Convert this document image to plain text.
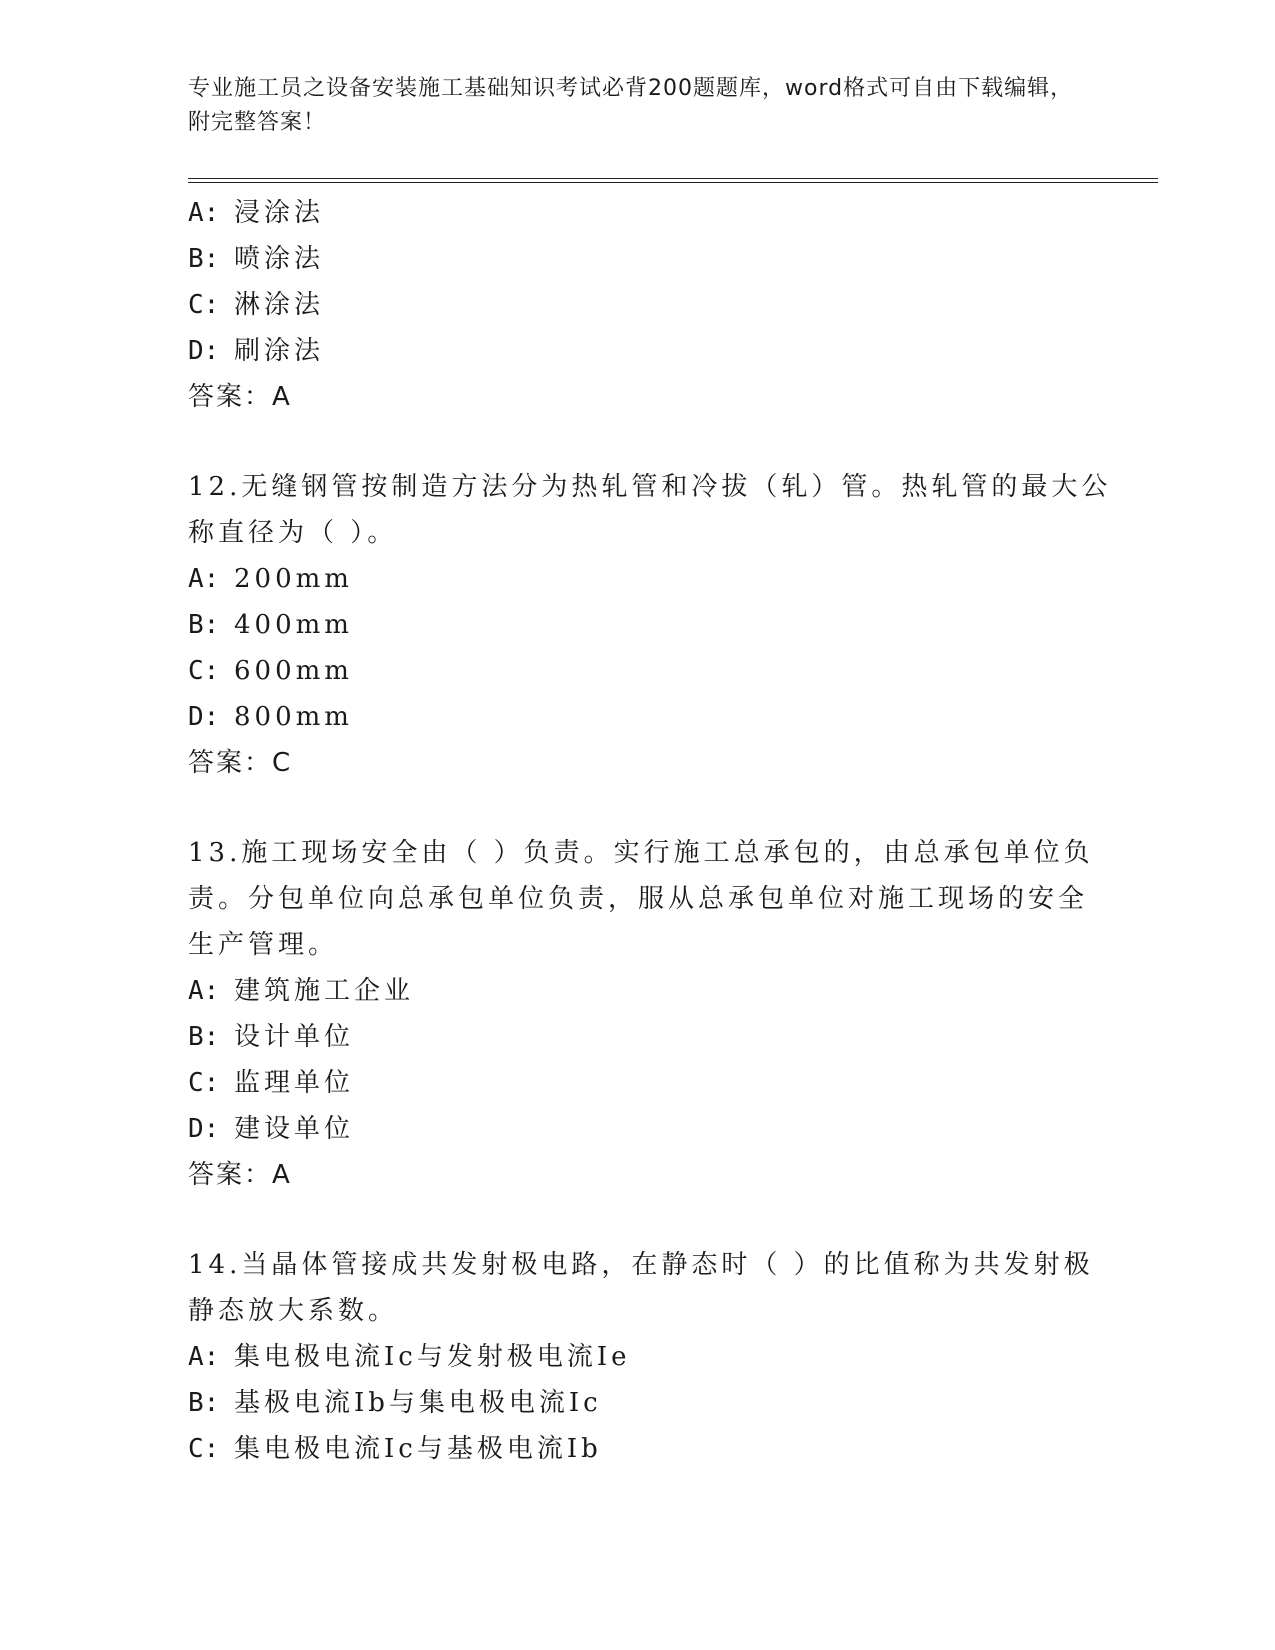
专业施工员之设备安装施工基础知识考试必背200题题库，word格式可自由下载编辑，附完整答案！
A: 浸涂法
B: 喷涂法
C: 淋涂法
D: 刷涂法
答案：A
12.无缝钢管按制造方法分为热轧管和冷拔（轧）管。热轧管的最大公
称直径为（ ）。
A: 200mm
B: 400mm
C: 600mm
D: 800mm
答案：C
13.施工现场安全由（ ）负责。实行施工总承包的，由总承包单位负
责。分包单位向总承包单位负责，服从总承包单位对施工现场的安全
生产管理。
A: 建筑施工企业
B: 设计单位
C: 监理单位
D: 建设单位
答案：A
14.当晶体管接成共发射极电路，在静态时（ ）的比值称为共发射极
静态放大系数。
A: 集电极电流Ic与发射极电流Ie
B: 基极电流Ib与集电极电流Ic
C: 集电极电流Ic与基极电流Ib
